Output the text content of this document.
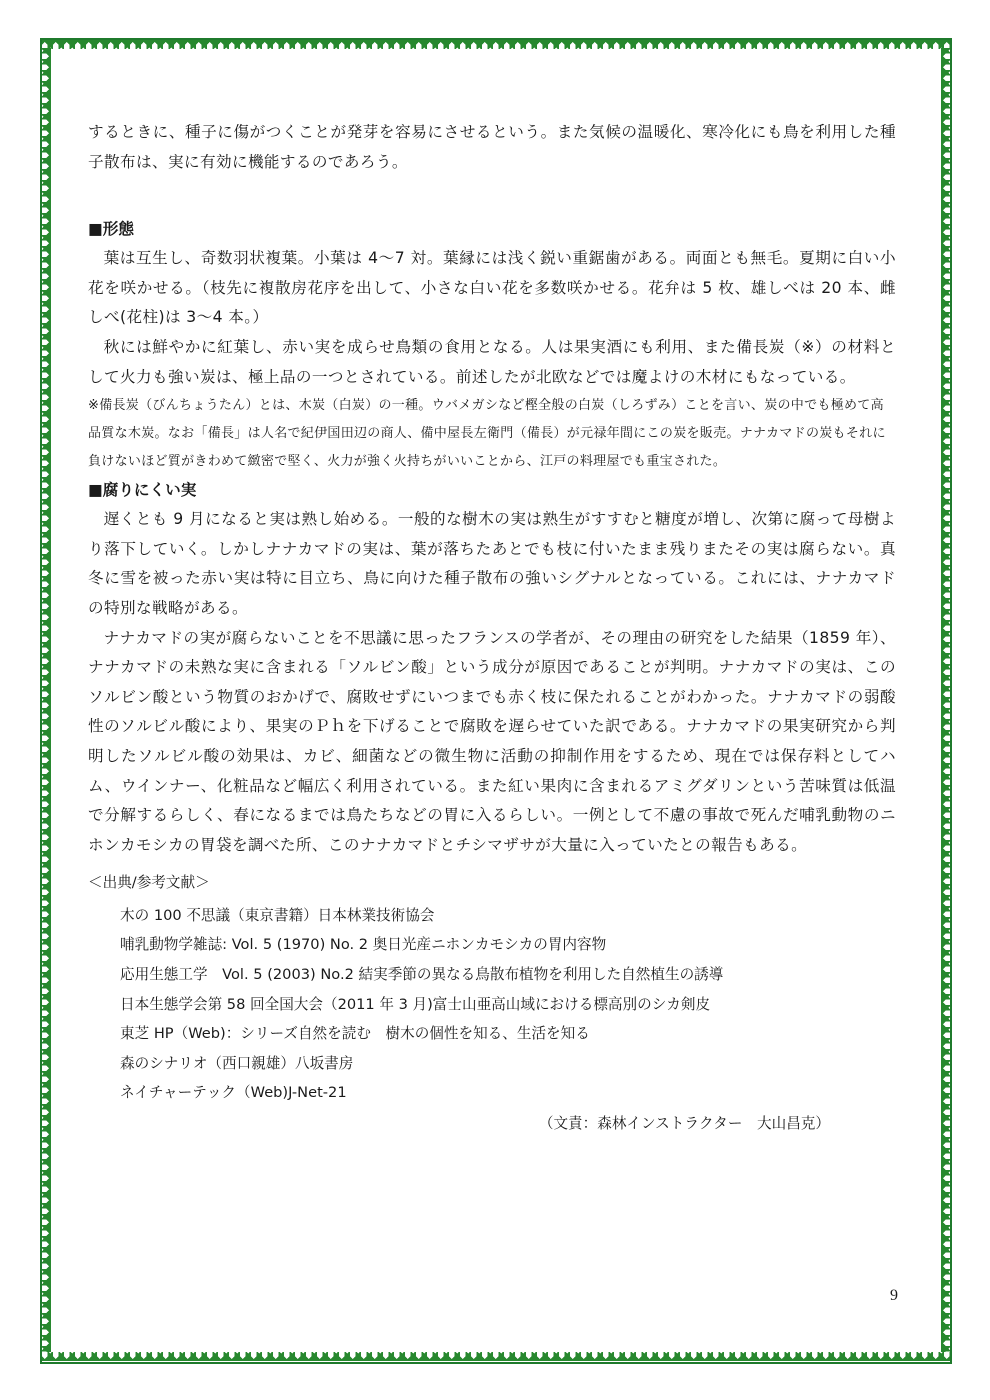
するときに、種子に傷がつくことが発芽を容易にさせるという。また気候の温暖化、寒冷化にも鳥を利用した種子散布は、実に有効に機能するのであろう。

■形態

葉は互生し、奇数羽状複葉。小葉は 4〜7 対。葉縁には浅く鋭い重鋸歯がある。両面とも無毛。夏期に白い小花を咲かせる。（枝先に複散房花序を出して、小さな白い花を多数咲かせる。花弁は 5 枚、雄しべは 20 本、雌しべ(花柱)は 3〜4 本。）

秋には鮮やかに紅葉し、赤い実を成らせ鳥類の食用となる。人は果実酒にも利用、また備長炭（※）の材料として火力も強い炭は、極上品の一つとされている。前述したが北欧などでは魔よけの木材にもなっている。

※備長炭（びんちょうたん）とは、木炭（白炭）の一種。ウバメガシなど樫全般の白炭（しろずみ）ことを言い、炭の中でも極めて高品質な木炭。なお「備長」は人名で紀伊国田辺の商人、備中屋長左衛門（備長）が元禄年間にこの炭を販売。ナナカマドの炭もそれに負けないほど質がきわめて緻密で堅く、火力が強く火持ちがいいことから、江戸の料理屋でも重宝された。

■腐りにくい実

遅くとも 9 月になると実は熟し始める。一般的な樹木の実は熟生がすすむと糖度が増し、次第に腐って母樹より落下していく。しかしナナカマドの実は、葉が落ちたあとでも枝に付いたまま残りまたその実は腐らない。真冬に雪を被った赤い実は特に目立ち、鳥に向けた種子散布の強いシグナルとなっている。これには、ナナカマドの特別な戦略がある。

ナナカマドの実が腐らないことを不思議に思ったフランスの学者が、その理由の研究をした結果（1859 年）、ナナカマドの未熟な実に含まれる「ソルビン酸」という成分が原因であることが判明。ナナカマドの実は、このソルビン酸という物質のおかげで、腐敗せずにいつまでも赤く枝に保たれることがわかった。ナナカマドの弱酸性のソルビル酸により、果実のＰｈを下げることで腐敗を遅らせていた訳である。ナナカマドの果実研究から判明したソルビル酸の効果は、カビ、細菌などの微生物に活動の抑制作用をするため、現在では保存料としてハム、ウインナー、化粧品など幅広く利用されている。また紅い果肉に含まれるアミグダリンという苦味質は低温で分解するらしく、春になるまでは鳥たちなどの胃に入るらしい。一例として不慮の事故で死んだ哺乳動物のニホンカモシカの胃袋を調べた所、このナナカマドとチシマザサが大量に入っていたとの報告もある。

＜出典/参考文献＞

木の 100 不思議（東京書籍）日本林業技術協会
哺乳動物学雑誌: Vol. 5 (1970) No. 2 奥日光産ニホンカモシカの胃内容物
応用生態工学　Vol. 5 (2003) No.2 結実季節の異なる鳥散布植物を利用した自然植生の誘導
日本生態学会第 58 回全国大会（2011 年 3 月)富士山亜高山域における標高別のシカ剣皮
東芝 HP（Web)：シリーズ自然を読む　樹木の個性を知る、生活を知る
森のシナリオ（西口親雄）八坂書房
ネイチャーテック（Web)J-Net-21

（文責：森林インストラクター　大山昌克）

9
